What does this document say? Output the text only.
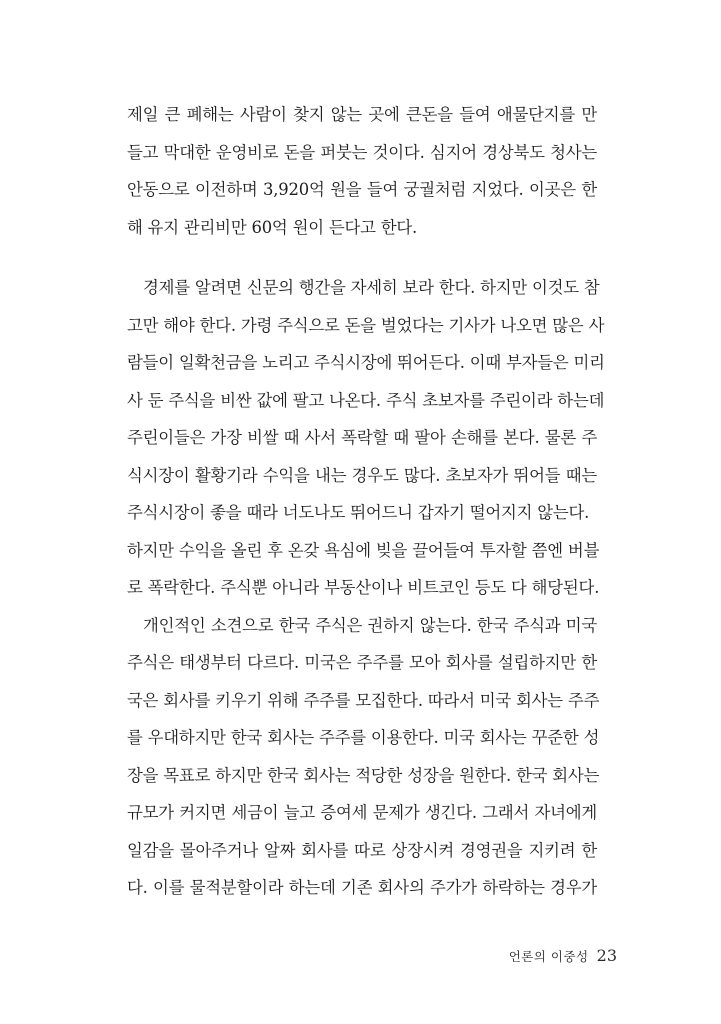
제일 큰 폐해는 사람이 찾지 않는 곳에 큰돈을 들여 애물단지를 만
들고 막대한 운영비로 돈을 퍼붓는 것이다. 심지어 경상북도 청사는
안동으로 이전하며 3,920억 원을 들여 궁궐처럼 지었다. 이곳은 한
해 유지 관리비만 60억 원이 든다고 한다.
경제를 알려면 신문의 행간을 자세히 보라 한다. 하지만 이것도 참
고만 해야 한다. 가령 주식으로 돈을 벌었다는 기사가 나오면 많은 사
람들이 일확천금을 노리고 주식시장에 뛰어든다. 이때 부자들은 미리
사 둔 주식을 비싼 값에 팔고 나온다. 주식 초보자를 주린이라 하는데
주린이들은 가장 비쌀 때 사서 폭락할 때 팔아 손해를 본다. 물론 주
식시장이 활황기라 수익을 내는 경우도 많다. 초보자가 뛰어들 때는
주식시장이 좋을 때라 너도나도 뛰어드니 갑자기 떨어지지 않는다.
하지만 수익을 올린 후 온갖 욕심에 빚을 끌어들여 투자할 쯤엔 버블
로 폭락한다. 주식뿐 아니라 부동산이나 비트코인 등도 다 해당된다.
개인적인 소견으로 한국 주식은 권하지 않는다. 한국 주식과 미국
주식은 태생부터 다르다. 미국은 주주를 모아 회사를 설립하지만 한
국은 회사를 키우기 위해 주주를 모집한다. 따라서 미국 회사는 주주
를 우대하지만 한국 회사는 주주를 이용한다. 미국 회사는 꾸준한 성
장을 목표로 하지만 한국 회사는 적당한 성장을 원한다. 한국 회사는
규모가 커지면 세금이 늘고 증여세 문제가 생긴다. 그래서 자녀에게
일감을 몰아주거나 알짜 회사를 따로 상장시켜 경영권을 지키려 한
다. 이를 물적분할이라 하는데 기존 회사의 주가가 하락하는 경우가
언론의 이중성 23
